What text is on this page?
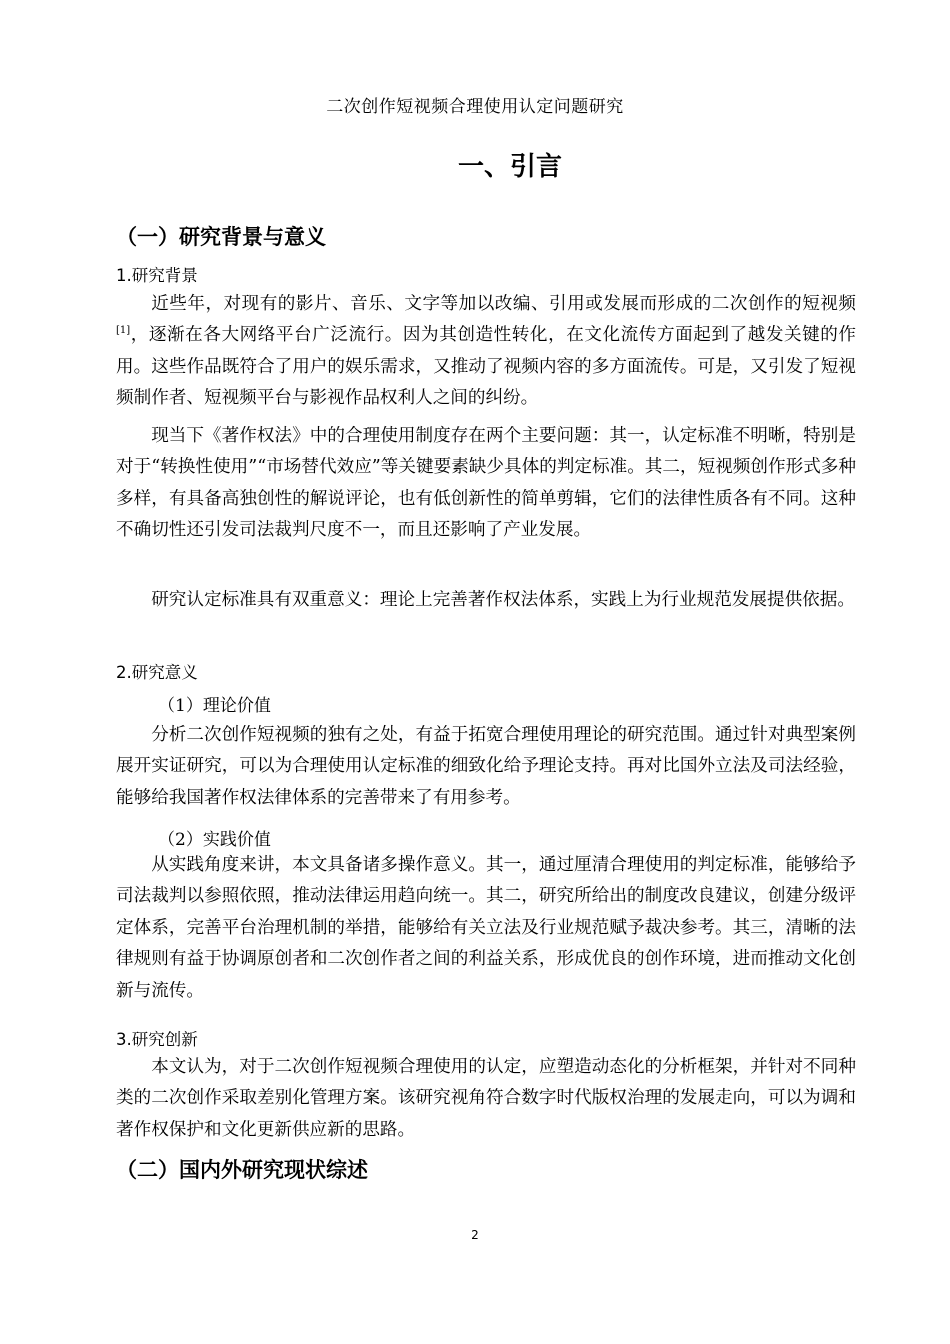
二次创作短视频合理使用认定问题研究
一、引言
（一）研究背景与意义
1.研究背景

近些年，对现有的影片、音乐、文字等加以改编、引用或发展而形成的二次创作的短视频[1]，逐渐在各大网络平台广泛流行。因为其创造性转化，在文化流传方面起到了越发关键的作用。这些作品既符合了用户的娱乐需求，又推动了视频内容的多方面流传。可是，又引发了短视频制作者、短视频平台与影视作品权利人之间的纠纷。

现当下《著作权法》中的合理使用制度存在两个主要问题：其一，认定标准不明晰，特别是对于“转换性使用”“市场替代效应”等关键要素缺少具体的判定标准。其二，短视频创作形式多种多样，有具备高独创性的解说评论，也有低创新性的简单剪辑，它们的法律性质各有不同。这种不确切性还引发司法裁判尺度不一，而且还影响了产业发展。

研究认定标准具有双重意义：理论上完善著作权法体系，实践上为行业规范发展提供依据。

2.研究意义
（1）理论价值

分析二次创作短视频的独有之处，有益于拓宽合理使用理论的研究范围。通过针对典型案例展开实证研究，可以为合理使用认定标准的细致化给予理论支持。再对比国外立法及司法经验，能够给我国著作权法律体系的完善带来了有用参考。

（2）实践价值

从实践角度来讲，本文具备诸多操作意义。其一，通过厘清合理使用的判定标准，能够给予司法裁判以参照依照，推动法律运用趋向统一。其二，研究所给出的制度改良建议，创建分级评定体系，完善平台治理机制的举措，能够给有关立法及行业规范赋予裁决参考。其三，清晰的法律规则有益于协调原创者和二次创作者之间的利益关系，形成优良的创作环境，进而推动文化创新与流传。

3.研究创新

本文认为，对于二次创作短视频合理使用的认定，应塑造动态化的分析框架，并针对不同种类的二次创作采取差别化管理方案。该研究视角符合数字时代版权治理的发展走向，可以为调和著作权保护和文化更新供应新的思路。

（二）国内外研究现状综述
2
